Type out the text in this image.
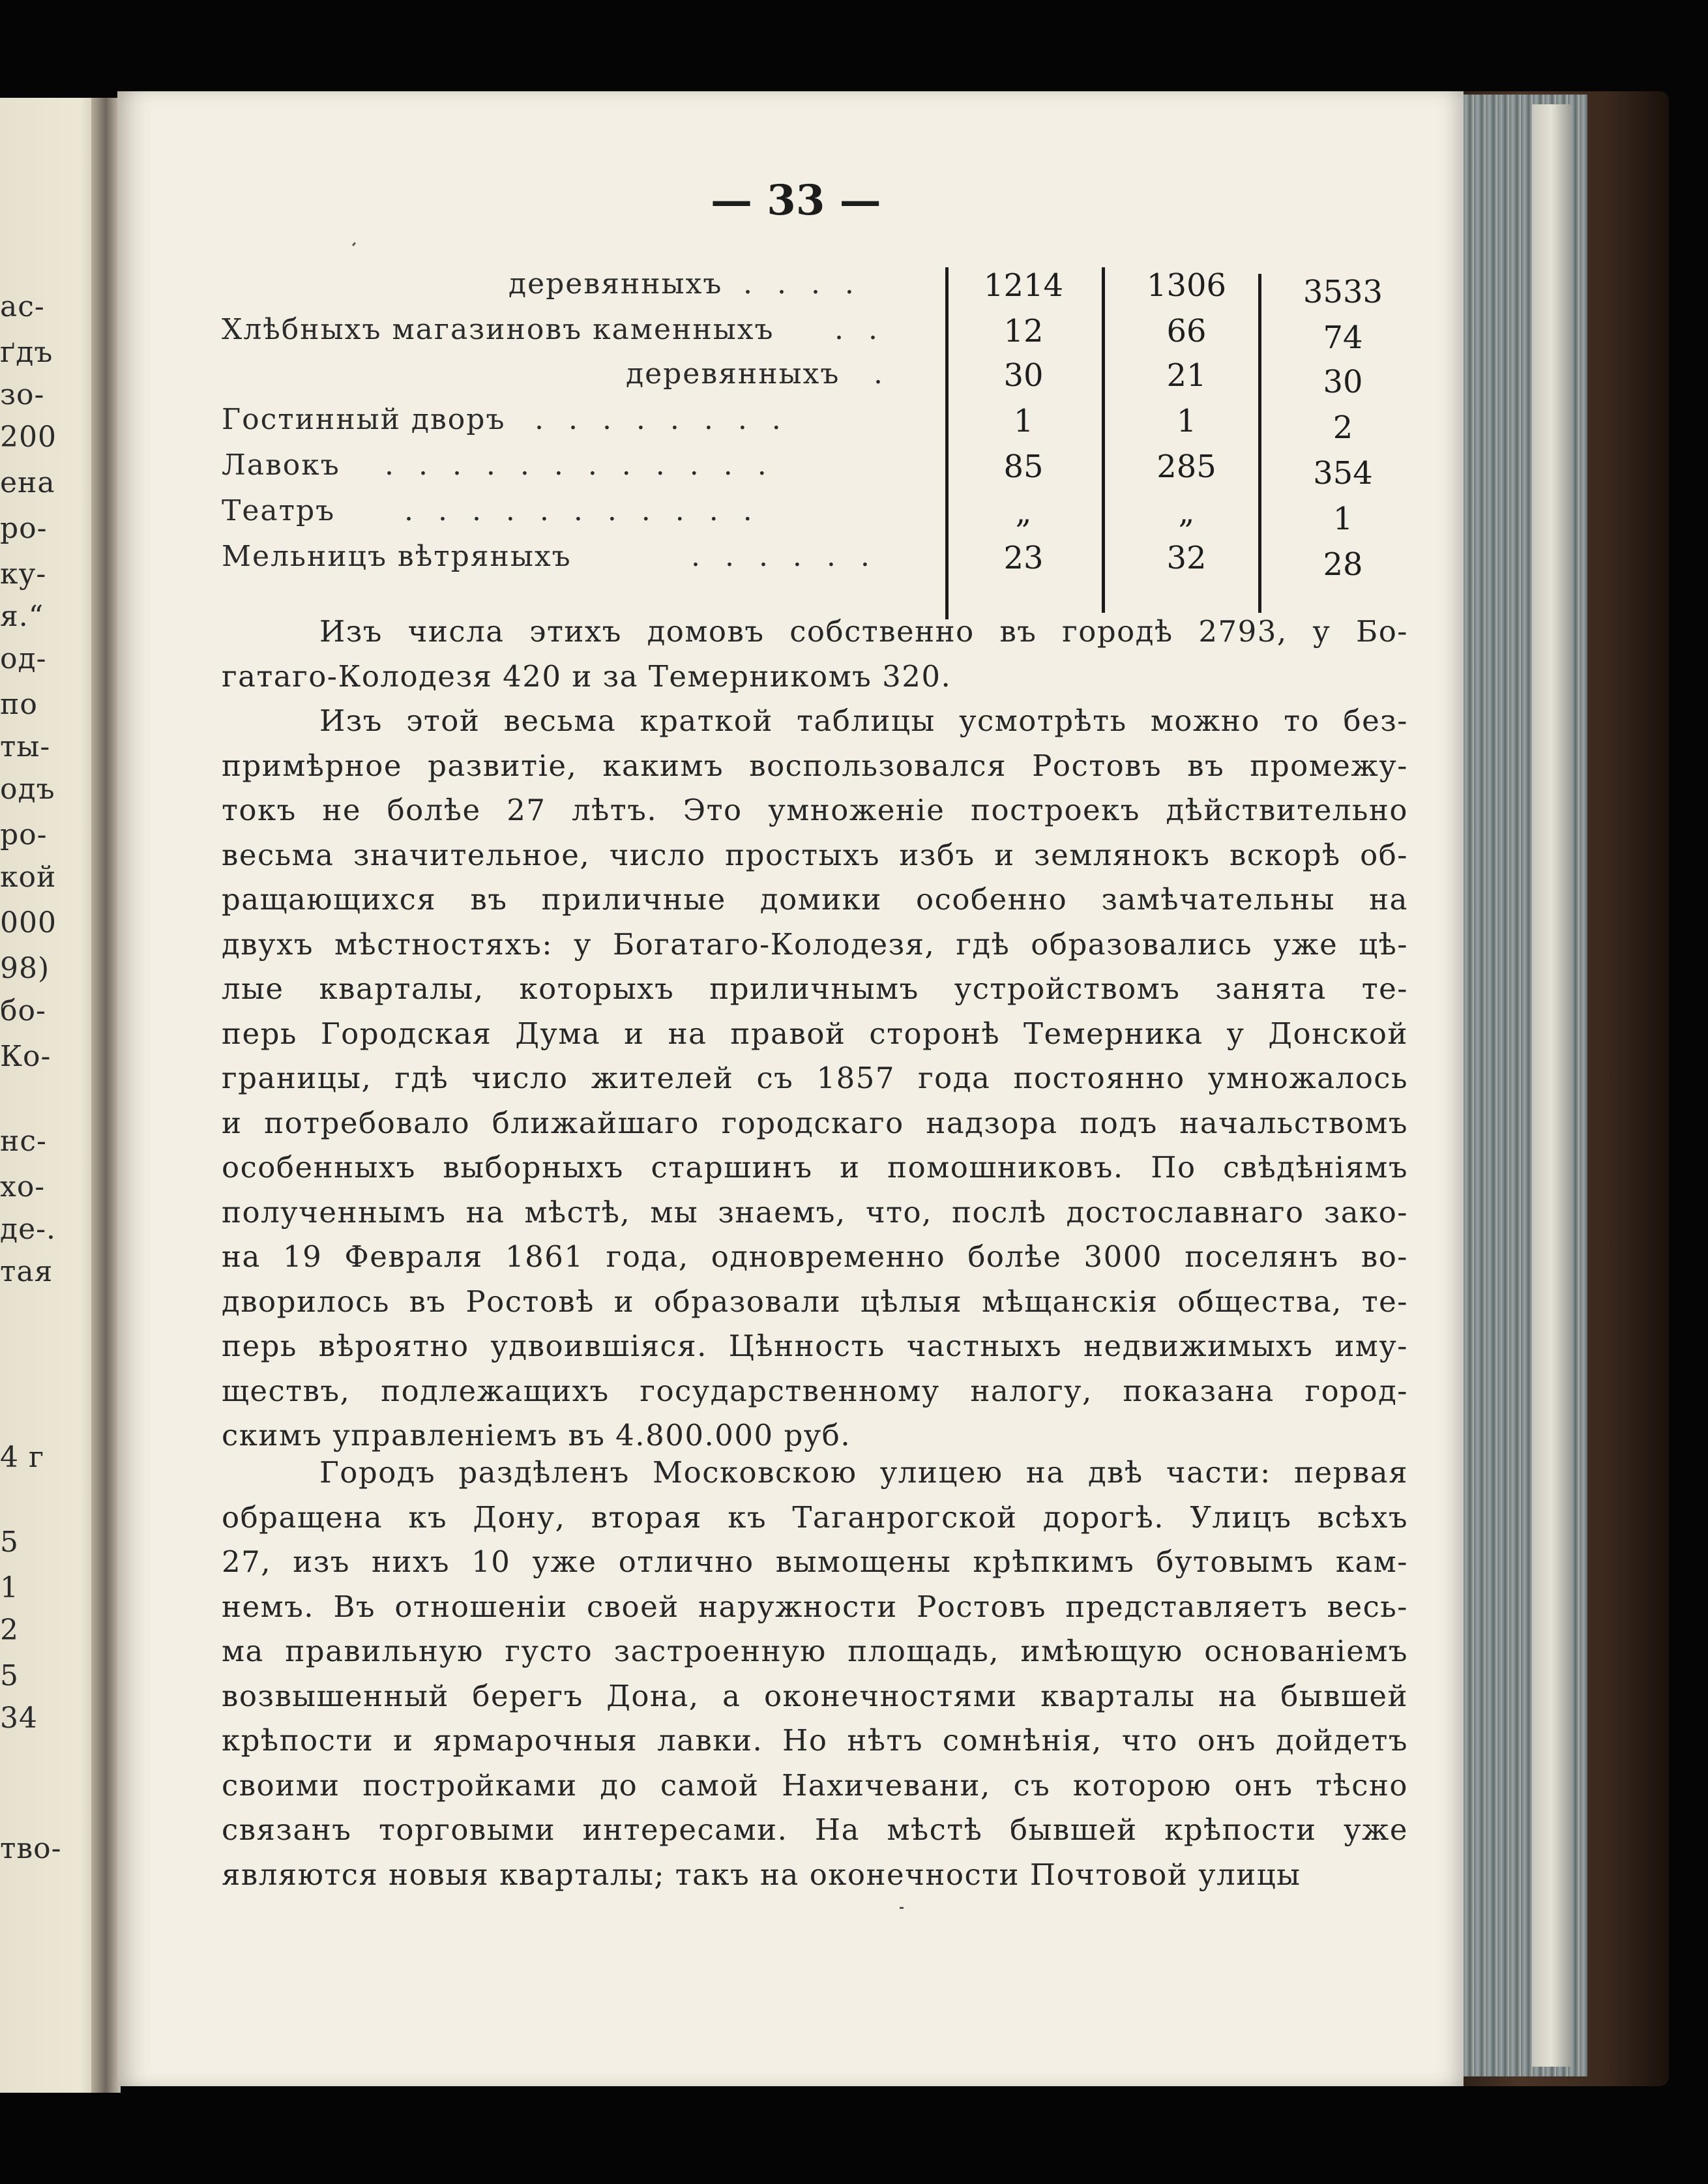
ас-
ґдъ
зо-
200
ена
ро-
ку-
я.“
од-
по
ты-
одъ
ро-
кой
000
98)
бо-
Ко-
нс-
хо-
де-.
тая
4 г
5
1
2
5
34
тво-
— 33 —
деревянныхъ . . . .	1214	1306	3533
Хлѣбныхъ магазиновъ каменныхъ . .	12	66	74
деревянныхъ .	30	21	30
Гостинный дворъ . . . . . . . .	1	1	2
Лавокъ . . . . . . . . . . . .	85	285	354
Театръ . . . . . . . . . . .	„	„	1
Мельницъ вѣтряныхъ	. . . . . .	23	32	28
Изъ числа этихъ домовъ собственно въ городѣ 2793, у Бо-
гатаго-Колодезя 420 и за Темерникомъ 320.
Изъ этой весьма краткой таблицы усмотрѣть можно то без-
примѣрное развитіе, какимъ воспользовался Ростовъ въ промежу-
токъ не болѣе 27 лѣтъ. Это умноженіе построекъ дѣйствительно
весьма значительное, число простыхъ избъ и землянокъ вскорѣ об-
ращающихся въ приличные домики особенно замѣчательны на
двухъ мѣстностяхъ: у Богатаго-Колодезя, гдѣ образовались уже цѣ-
лые кварталы, которыхъ приличнымъ устройствомъ занята те-
перь Городская Дума и на правой сторонѣ Темерника у Донской
границы, гдѣ число жителей съ 1857 года постоянно умножалось
и потребовало ближайшаго городскаго надзора подъ начальствомъ
особенныхъ выборныхъ старшинъ и помошниковъ. По свѣдѣніямъ
полученнымъ на мѣстѣ, мы знаемъ, что, послѣ достославнаго зако-
на 19 Февраля 1861 года, одновременно болѣе 3000 поселянъ во-
дворилось въ Ростовѣ и образовали цѣлыя мѣщанскія общества, те-
перь вѣроятно удвоившіяся. Цѣнность частныхъ недвижимыхъ иму-
ществъ, подлежащихъ государственному налогу, показана город-
скимъ управленіемъ въ 4.800.000 руб.
Городъ раздѣленъ Московскою улицею на двѣ части: первая
обращена къ Дону, вторая къ Таганрогской дорогѣ. Улицъ всѣхъ
27, изъ нихъ 10 уже отлично вымощены крѣпкимъ бутовымъ кам-
немъ. Въ отношеніи своей наружности Ростовъ представляетъ весь-
ма правильную густо застроенную площадь, имѣющую основаніемъ
возвышенный берегъ Дона, а оконечностями кварталы на бывшей
крѣпости и ярмарочныя лавки. Но нѣтъ сомнѣнія, что онъ дойдетъ
своими постройками до самой Нахичевани, съ которою онъ тѣсно
связанъ торговыми интересами. На мѣстѣ бывшей крѣпости уже
являются новыя кварталы; такъ на оконечности Почтовой улицы
